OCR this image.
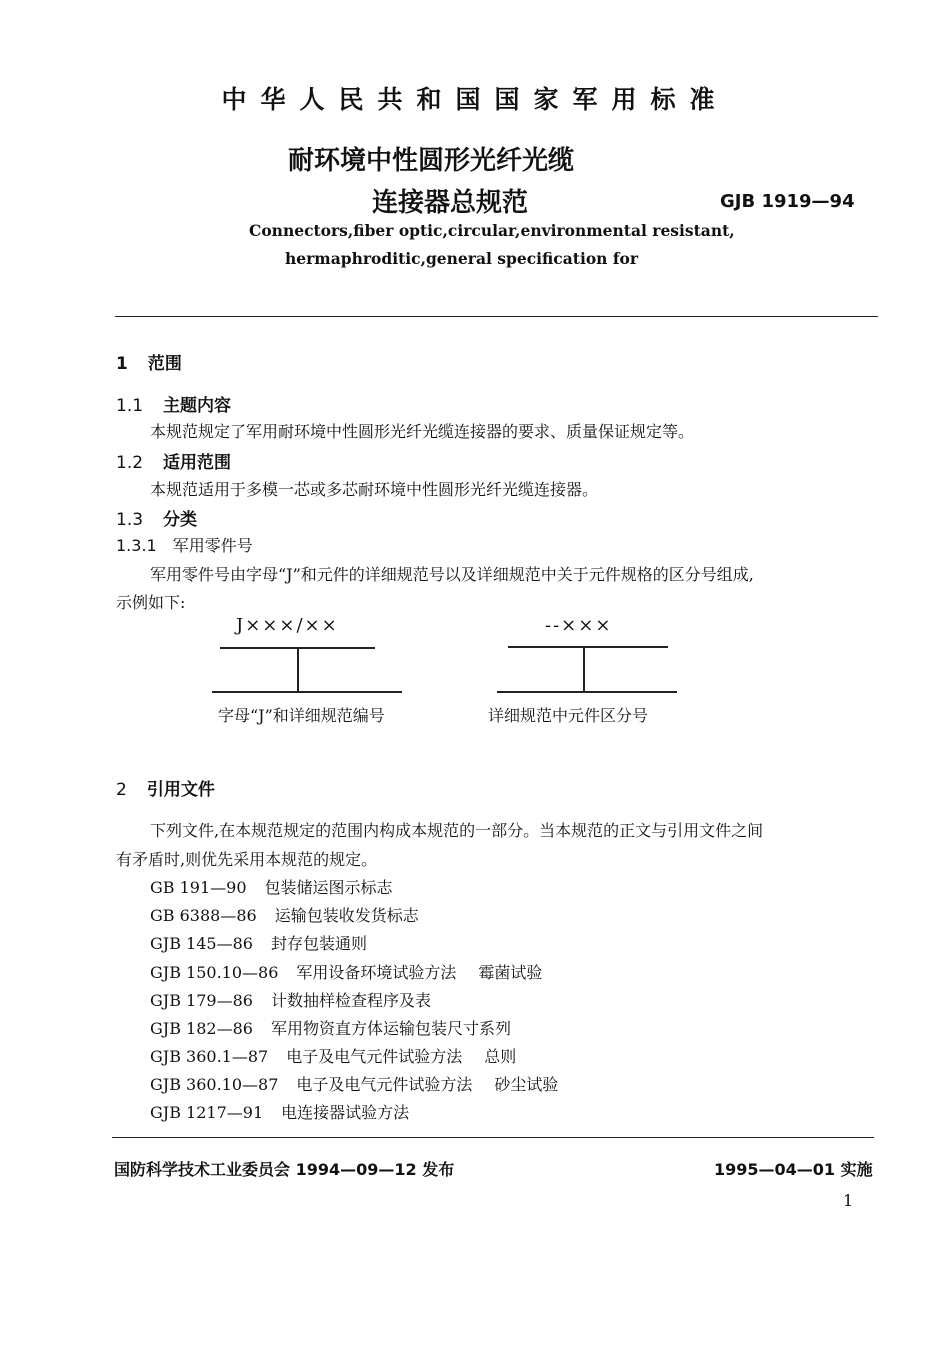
中华人民共和国国家军用标准
耐环境中性圆形光纤光缆
连接器总规范	GJB 1919—94
Connectors,fiber optic,circular,environmental resistant,
hermaphroditic,general specification for
1 范围
1.1 主题内容
本规范规定了军用耐环境中性圆形光纤光缆连接器的要求、质量保证规定等。
1.2 适用范围
本规范适用于多模一芯或多芯耐环境中性圆形光纤光缆连接器。
1.3 分类
1.3.1 军用零件号
军用零件号由字母“J”和元件的详细规范号以及详细规范中关于元件规格的区分号组成,
示例如下:
J×××/××	--×××
字母“J”和详细规范编号	详细规范中元件区分号
2 引用文件
下列文件,在本规范规定的范围内构成本规范的一部分。当本规范的正文与引用文件之间
有矛盾时,则优先采用本规范的规定。
GB 191—90 包装储运图示标志
GB 6388—86 运输包装收发货标志
GJB 145—86 封存包装通则
GJB 150.10—86 军用设备环境试验方法 霉菌试验
GJB 179—86 计数抽样检查程序及表
GJB 182—86 军用物资直方体运输包装尺寸系列
GJB 360.1—87 电子及电气元件试验方法 总则
GJB 360.10—87 电子及电气元件试验方法 砂尘试验
GJB 1217—91 电连接器试验方法
国防科学技术工业委员会 1994—09—12 发布	1995—04—01 实施
1
